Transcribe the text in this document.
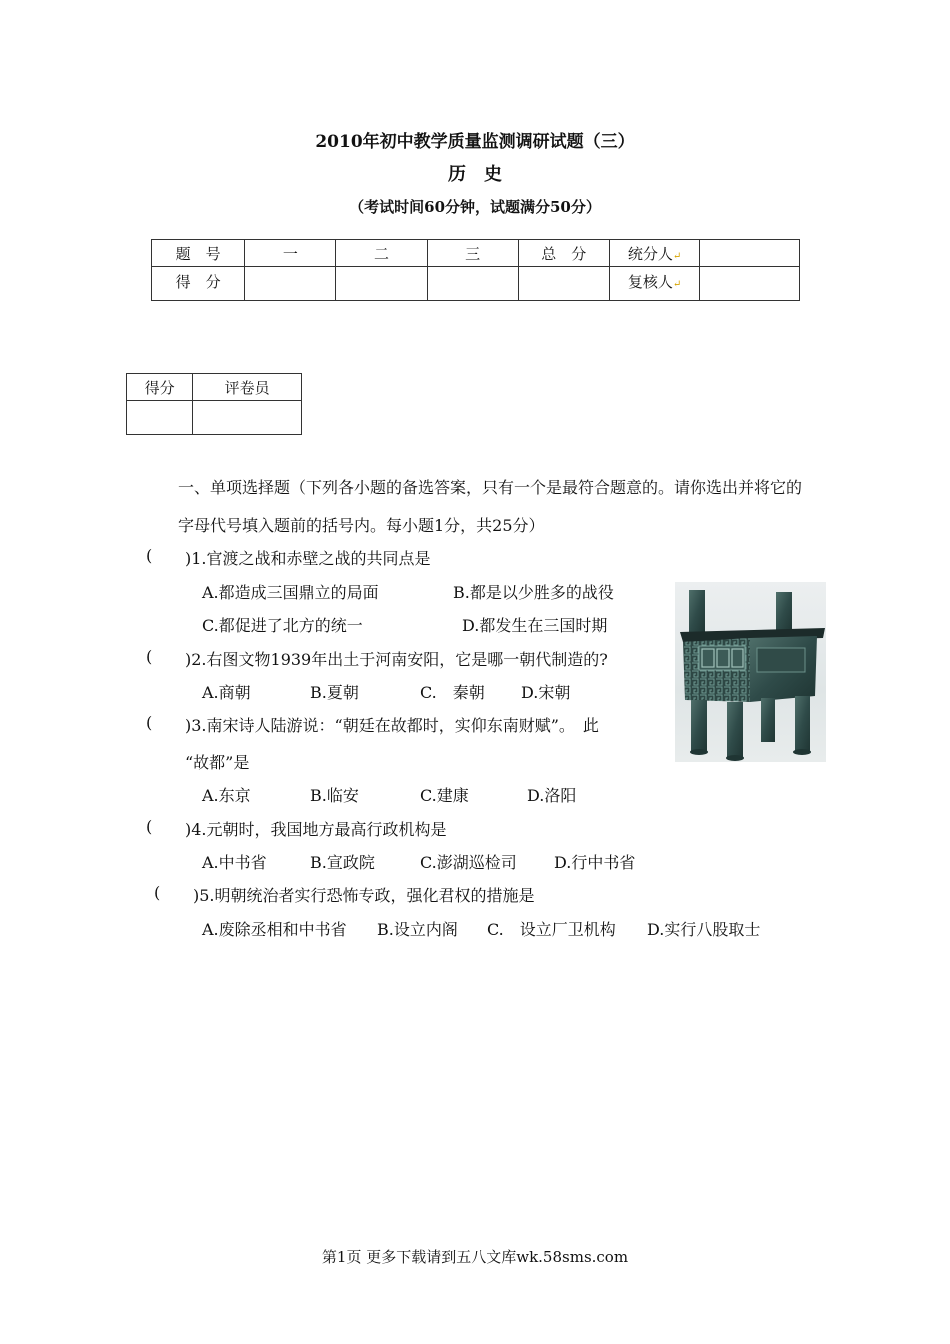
2010年初中教学质量监测调研试题（三）
历　史
（考试时间60分钟，试题满分50分）
题　号	一	二	三	总　分	统分人↵	
得　分					复核人↵	
得分	评卷员

一、单项选择题（下列各小题的备选答案，只有一个是最符合题意的。请你选出并将它的
字母代号填入题前的括号内。每小题1分，共25分）
( )1.官渡之战和赤壁之战的共同点是
A.都造成三国鼎立的局面	B.都是以少胜多的战役
C.都促进了北方的统一	D.都发生在三国时期
( )2.右图文物1939年出土于河南安阳，它是哪一朝代制造的?
A.商朝	B.夏朝	C.　秦朝 D.宋朝
( )3.南宋诗人陆游说：“朝廷在故都时，实仰东南财赋”。　此
“故都”是
A.东京	B.临安	C.建康	D.洛阳
( )4.元朝时，我国地方最高行政机构是
A.中书省	B.宣政院	C.澎湖巡检司 D.行中书省
( )5.明朝统治者实行恐怖专政，强化君权的措施是
A.废除丞相和中书省 B.设立内阁 C.　设立厂卫机构 D.实行八股取士
第1页 更多下载请到五八文库wk.58sms.com
